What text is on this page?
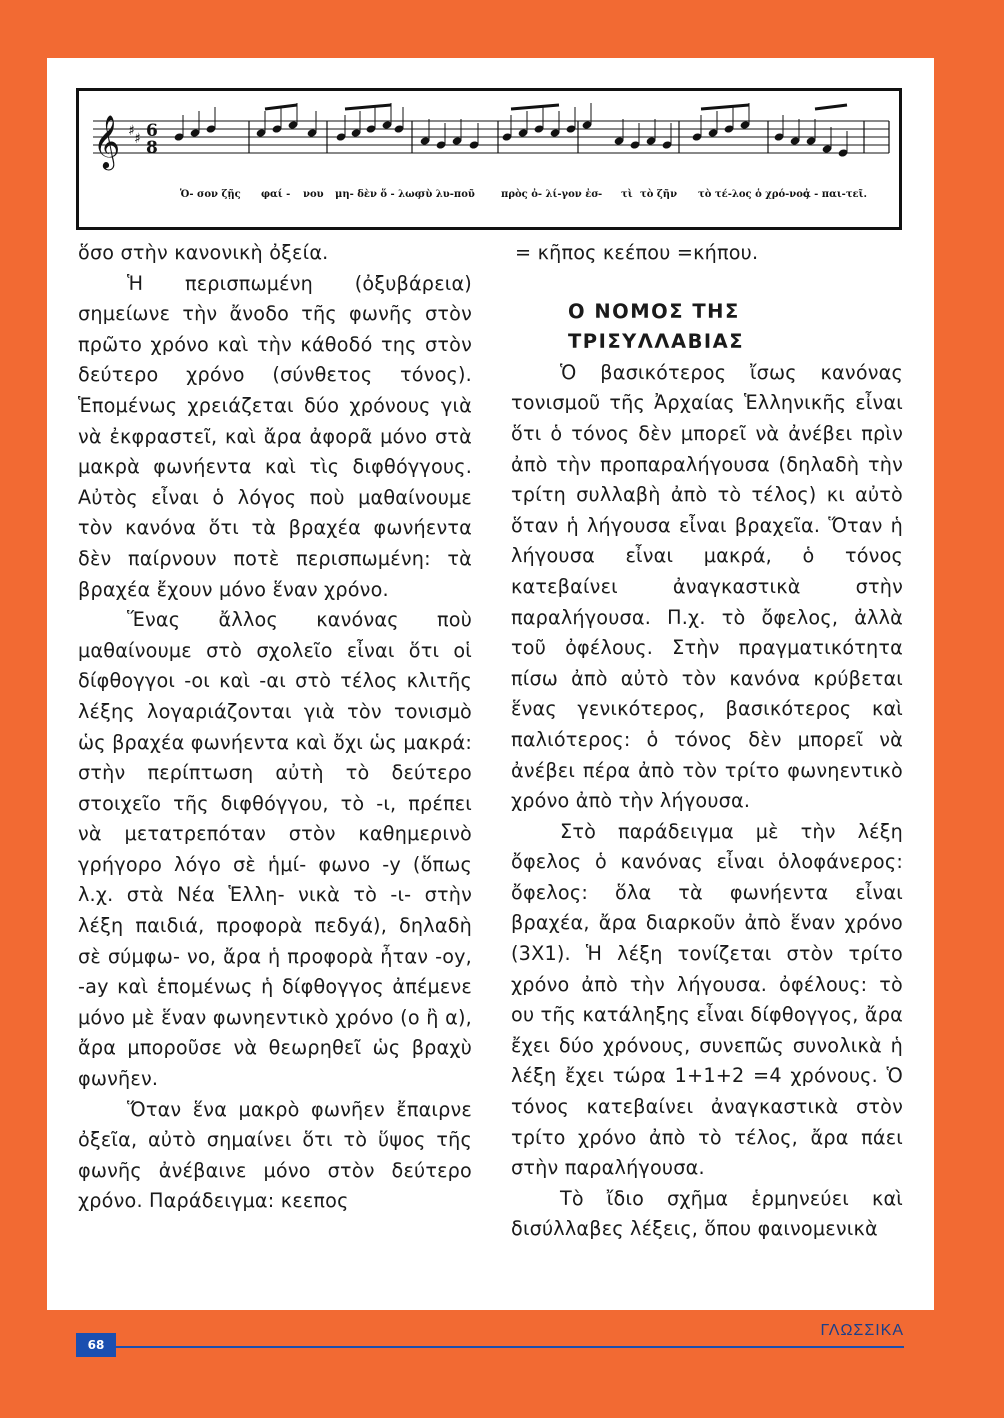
𝄞 ♯ ♯ 6
8
Ὁ- σον ζῇς φαί - νου μη- δὲν ὅ - λως
σὺ λυ-ποῦ	πρὸς ὀ- λί-γον ἐσ - τὶ τὸ ζῆν τὸ τέ-λος ὁ χρό-νος
ἀ - παι-τεῖ.

ὅσο στὴν κανονικὴ ὀξεία.

Ἡ περισπωμένη (ὀξυβάρεια) σημείωνε τὴν ἄνοδο τῆς φωνῆς στὸν πρῶτο χρόνο καὶ τὴν κάθοδό της στὸν δεύτερο χρόνο (σύνθετος τόνος). Ἑπομένως χρειάζεται δύο χρόνους γιὰ νὰ ἐκφραστεῖ, καὶ ἄρα ἀφορᾶ μόνο στὰ μακρὰ φωνήεντα καὶ τὶς διφθόγγους. Αὐτὸς εἶναι ὁ λόγος ποὺ μαθαίνουμε τὸν κανόνα ὅτι τὰ βραχέα φωνήεντα δὲν παίρνουν ποτὲ περισπωμένη: τὰ βραχέα ἔχουν μόνο ἕναν χρόνο.

Ἕνας ἄλλος κανόνας ποὺ μαθαίνουμε στὸ σχολεῖο εἶναι ὅτι οἱ δίφθογγοι -οι καὶ -αι στὸ τέλος κλιτῆς λέξης λογαριάζονται γιὰ τὸν τονισμὸ ὡς βραχέα φωνήεντα καὶ ὄχι ὡς μακρά: στὴν περίπτωση αὐτὴ τὸ δεύτερο στοιχεῖο τῆς διφθόγγου, τὸ -ι, πρέπει νὰ μετατρεπόταν στὸν καθημερινὸ γρήγορο λόγο σὲ ἡμί- φωνο -y (ὅπως λ.χ. στὰ Νέα Ἑλλη- νικὰ τὸ -ι- στὴν λέξη παιδιά, προφορὰ πεδyά), δηλαδὴ σὲ σύμφω- νο, ἄρα ἡ προφορὰ ἦταν -oy, -ay καὶ ἑπομένως ἡ δίφθογγος ἀπέμενε μόνο μὲ ἕναν φωνηεντικὸ χρόνο (ο ἢ α), ἄρα μποροῦσε νὰ θεωρηθεῖ ὡς βραχὺ φωνῆεν.

Ὅταν ἕνα μακρὸ φωνῆεν ἔπαιρνε ὀξεῖα, αὐτὸ σημαίνει ὅτι τὸ ὕψος τῆς φωνῆς ἀνέβαινε μόνο στὸν δεύτερο χρόνο. Παράδειγμα: κεεπος

= κῆπος κεέπου =κήπου.

Ο ΝΟΜΟΣ ΤΗΣ
ΤΡΙΣΥΛΛΑΒΙΑΣ

Ὁ βασικότερος ἴσως κανόνας τονισμοῦ τῆς Ἀρχαίας Ἑλληνικῆς εἶναι ὅτι ὁ τόνος δὲν μπορεῖ νὰ ἀνέβει πρὶν ἀπὸ τὴν προπαραλήγουσα (δηλαδὴ τὴν τρίτη συλλαβὴ ἀπὸ τὸ τέλος) κι αὐτὸ ὅταν ἡ λήγουσα εἶναι βραχεῖα. Ὅταν ἡ λήγουσα εἶναι μακρά, ὁ τόνος κατεβαίνει ἀναγκαστικὰ στὴν παραλήγουσα. Π.χ. τὸ ὄφελος, ἀλλὰ τοῦ ὀφέλους. Στὴν πραγματικότητα πίσω ἀπὸ αὐτὸ τὸν κανόνα κρύβεται ἕνας γενικότερος, βασικότερος καὶ παλιότερος: ὁ τόνος δὲν μπορεῖ νὰ ἀνέβει πέρα ἀπὸ τὸν τρίτο φωνηεντικὸ χρόνο ἀπὸ τὴν λήγουσα.

Στὸ παράδειγμα μὲ τὴν λέξη ὄφελος ὁ κανόνας εἶναι ὁλοφάνερος: ὄφελος: ὅλα τὰ φωνήεντα εἶναι βραχέα, ἄρα διαρκοῦν ἀπὸ ἕναν χρόνο (3Χ1). Ἡ λέξη τονίζεται στὸν τρίτο χρόνο ἀπὸ τὴν λήγουσα. ὀφέλους: τὸ ου τῆς κατάληξης εἶναι δίφθογγος, ἄρα ἔχει δύο χρόνους, συνεπῶς συνολικὰ ἡ λέξη ἔχει τώρα 1+1+2 =4 χρόνους. Ὁ τόνος κατεβαίνει ἀναγκαστικὰ στὸν τρίτο χρόνο ἀπὸ τὸ τέλος, ἄρα πάει στὴν παραλήγουσα.

Τὸ ἴδιο σχῆμα ἑρμηνεύει καὶ δισύλλαβες λέξεις, ὅπου φαινομενικὰ

68
ΓΛΩΣΣΙΚΑ
